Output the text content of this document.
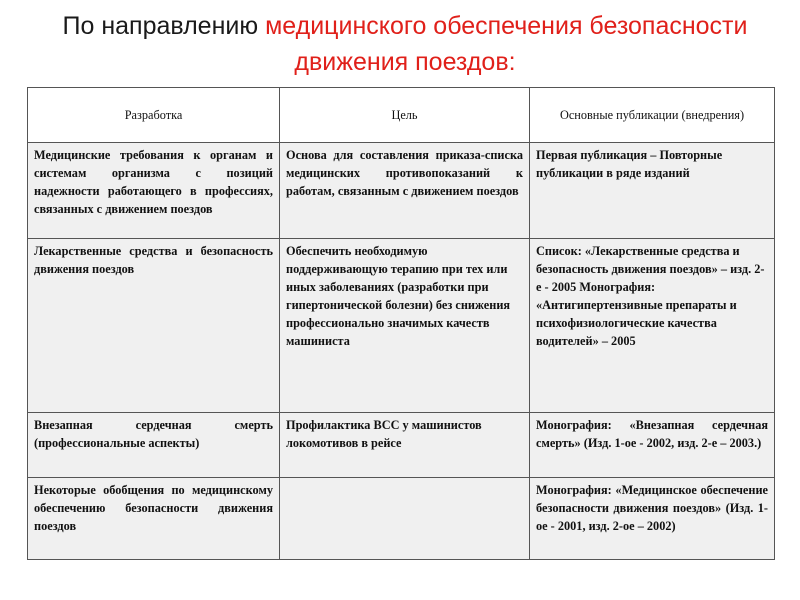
По направлению медицинского обеспечения безопасности движения поездов:
Разработка	Цель	Основные публикации (внедрения)
Медицинские требования к органам и системам организма с позиций надежности работающего в профессиях, связанных с движением поездов	Основа для составления приказа-списка медицинских противопоказаний к работам, связанным с движением поездов	Первая публикация – Повторные публикации в ряде изданий
Лекарственные средства и безопасность движения поездов	Обеспечить необходимую поддерживающую терапию при тех или иных заболеваниях (разработки при гипертонической болезни) без снижения профессионально значимых качеств машиниста	Список: «Лекарственные средства и безопасность движения поездов» – изд. 2-е - 2005 Монография: «Антигипертензивные препараты и психофизиологические качества водителей» – 2005
Внезапная сердечная смерть (профессиональные аспекты)	Профилактика ВСС у машинистов локомотивов в рейсе	Монография: «Внезапная сердечная смерть» (Изд. 1-ое - 2002, изд. 2-е – 2003.)
Некоторые обобщения по медицинскому обеспечению безопасности движения поездов		Монография: «Медицинское обеспечение безопасности движения поездов» (Изд. 1-ое - 2001, изд. 2-ое – 2002)
